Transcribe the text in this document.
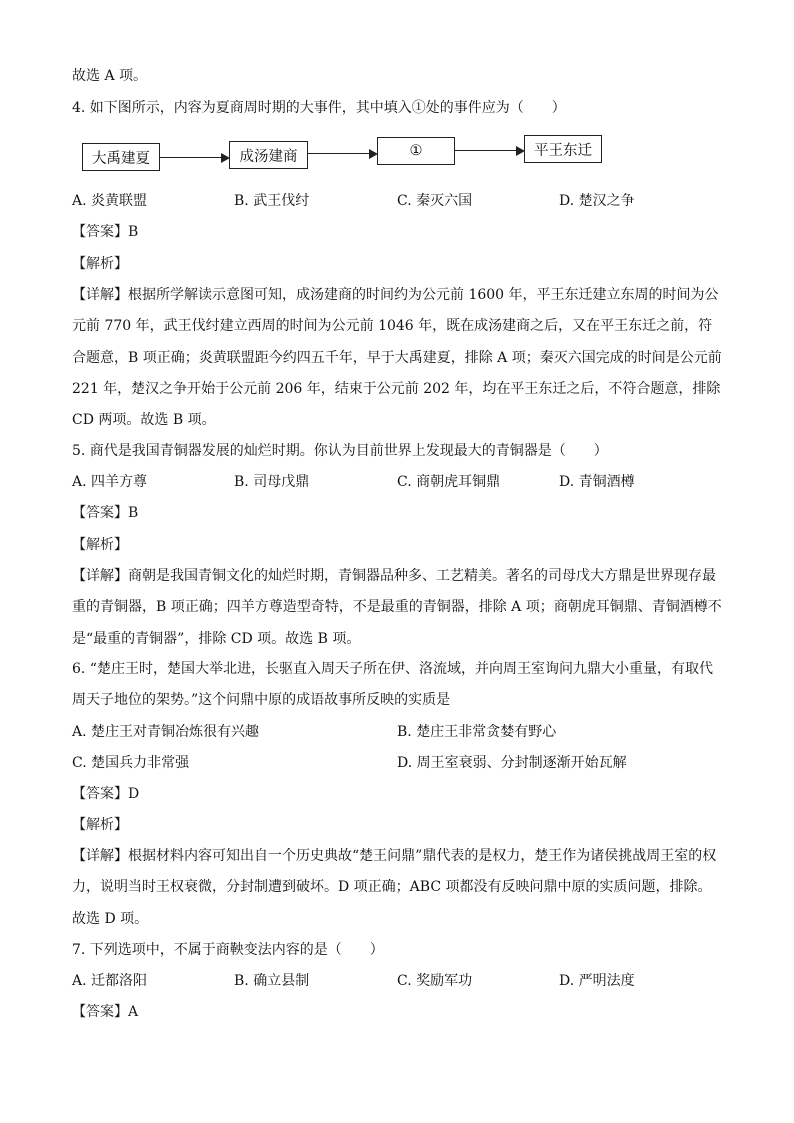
故选 A 项。
4. 如下图所示，内容为夏商周时期的大事件，其中填入①处的事件应为（　　）
大禹建夏	成汤建商	①	平王东迁
A. 炎黄联盟	B. 武王伐纣	C. 秦灭六国	D. 楚汉之争
【答案】B
【解析】
【详解】根据所学解读示意图可知，成汤建商的时间约为公元前 1600 年，平王东迁建立东周的时间为公元前 770 年，武王伐纣建立西周的时间为公元前 1046 年，既在成汤建商之后，又在平王东迁之前，符合题意，B 项正确；炎黄联盟距今约四五千年，早于大禹建夏，排除 A 项；秦灭六国完成的时间是公元前 221 年，楚汉之争开始于公元前 206 年，结束于公元前 202 年，均在平王东迁之后，不符合题意，排除 CD 两项。故选 B 项。
5. 商代是我国青铜器发展的灿烂时期。你认为目前世界上发现最大的青铜器是（　　）
A. 四羊方尊	B. 司母戊鼎	C. 商朝虎耳铜鼎	D. 青铜酒樽
【答案】B
【解析】
【详解】商朝是我国青铜文化的灿烂时期，青铜器品种多、工艺精美。著名的司母戊大方鼎是世界现存最重的青铜器，B 项正确；四羊方尊造型奇特，不是最重的青铜器，排除 A 项；商朝虎耳铜鼎、青铜酒樽不是“最重的青铜器”，排除 CD 项。故选 B 项。
6. “楚庄王时，楚国大举北进，长驱直入周天子所在伊、洛流域，并向周王室询问九鼎大小重量，有取代周天子地位的架势。”这个问鼎中原的成语故事所反映的实质是
A. 楚庄王对青铜冶炼很有兴趣	B. 楚庄王非常贪婪有野心
C. 楚国兵力非常强	D. 周王室衰弱、分封制逐渐开始瓦解
【答案】D
【解析】
【详解】根据材料内容可知出自一个历史典故“楚王问鼎”鼎代表的是权力，楚王作为诸侯挑战周王室的权力，说明当时王权衰微，分封制遭到破坏。D 项正确；ABC 项都没有反映问鼎中原的实质问题，排除。故选 D 项。
7. 下列选项中，不属于商鞅变法内容的是（　　）
A. 迁都洛阳	B. 确立县制	C. 奖励军功	D. 严明法度
【答案】A
